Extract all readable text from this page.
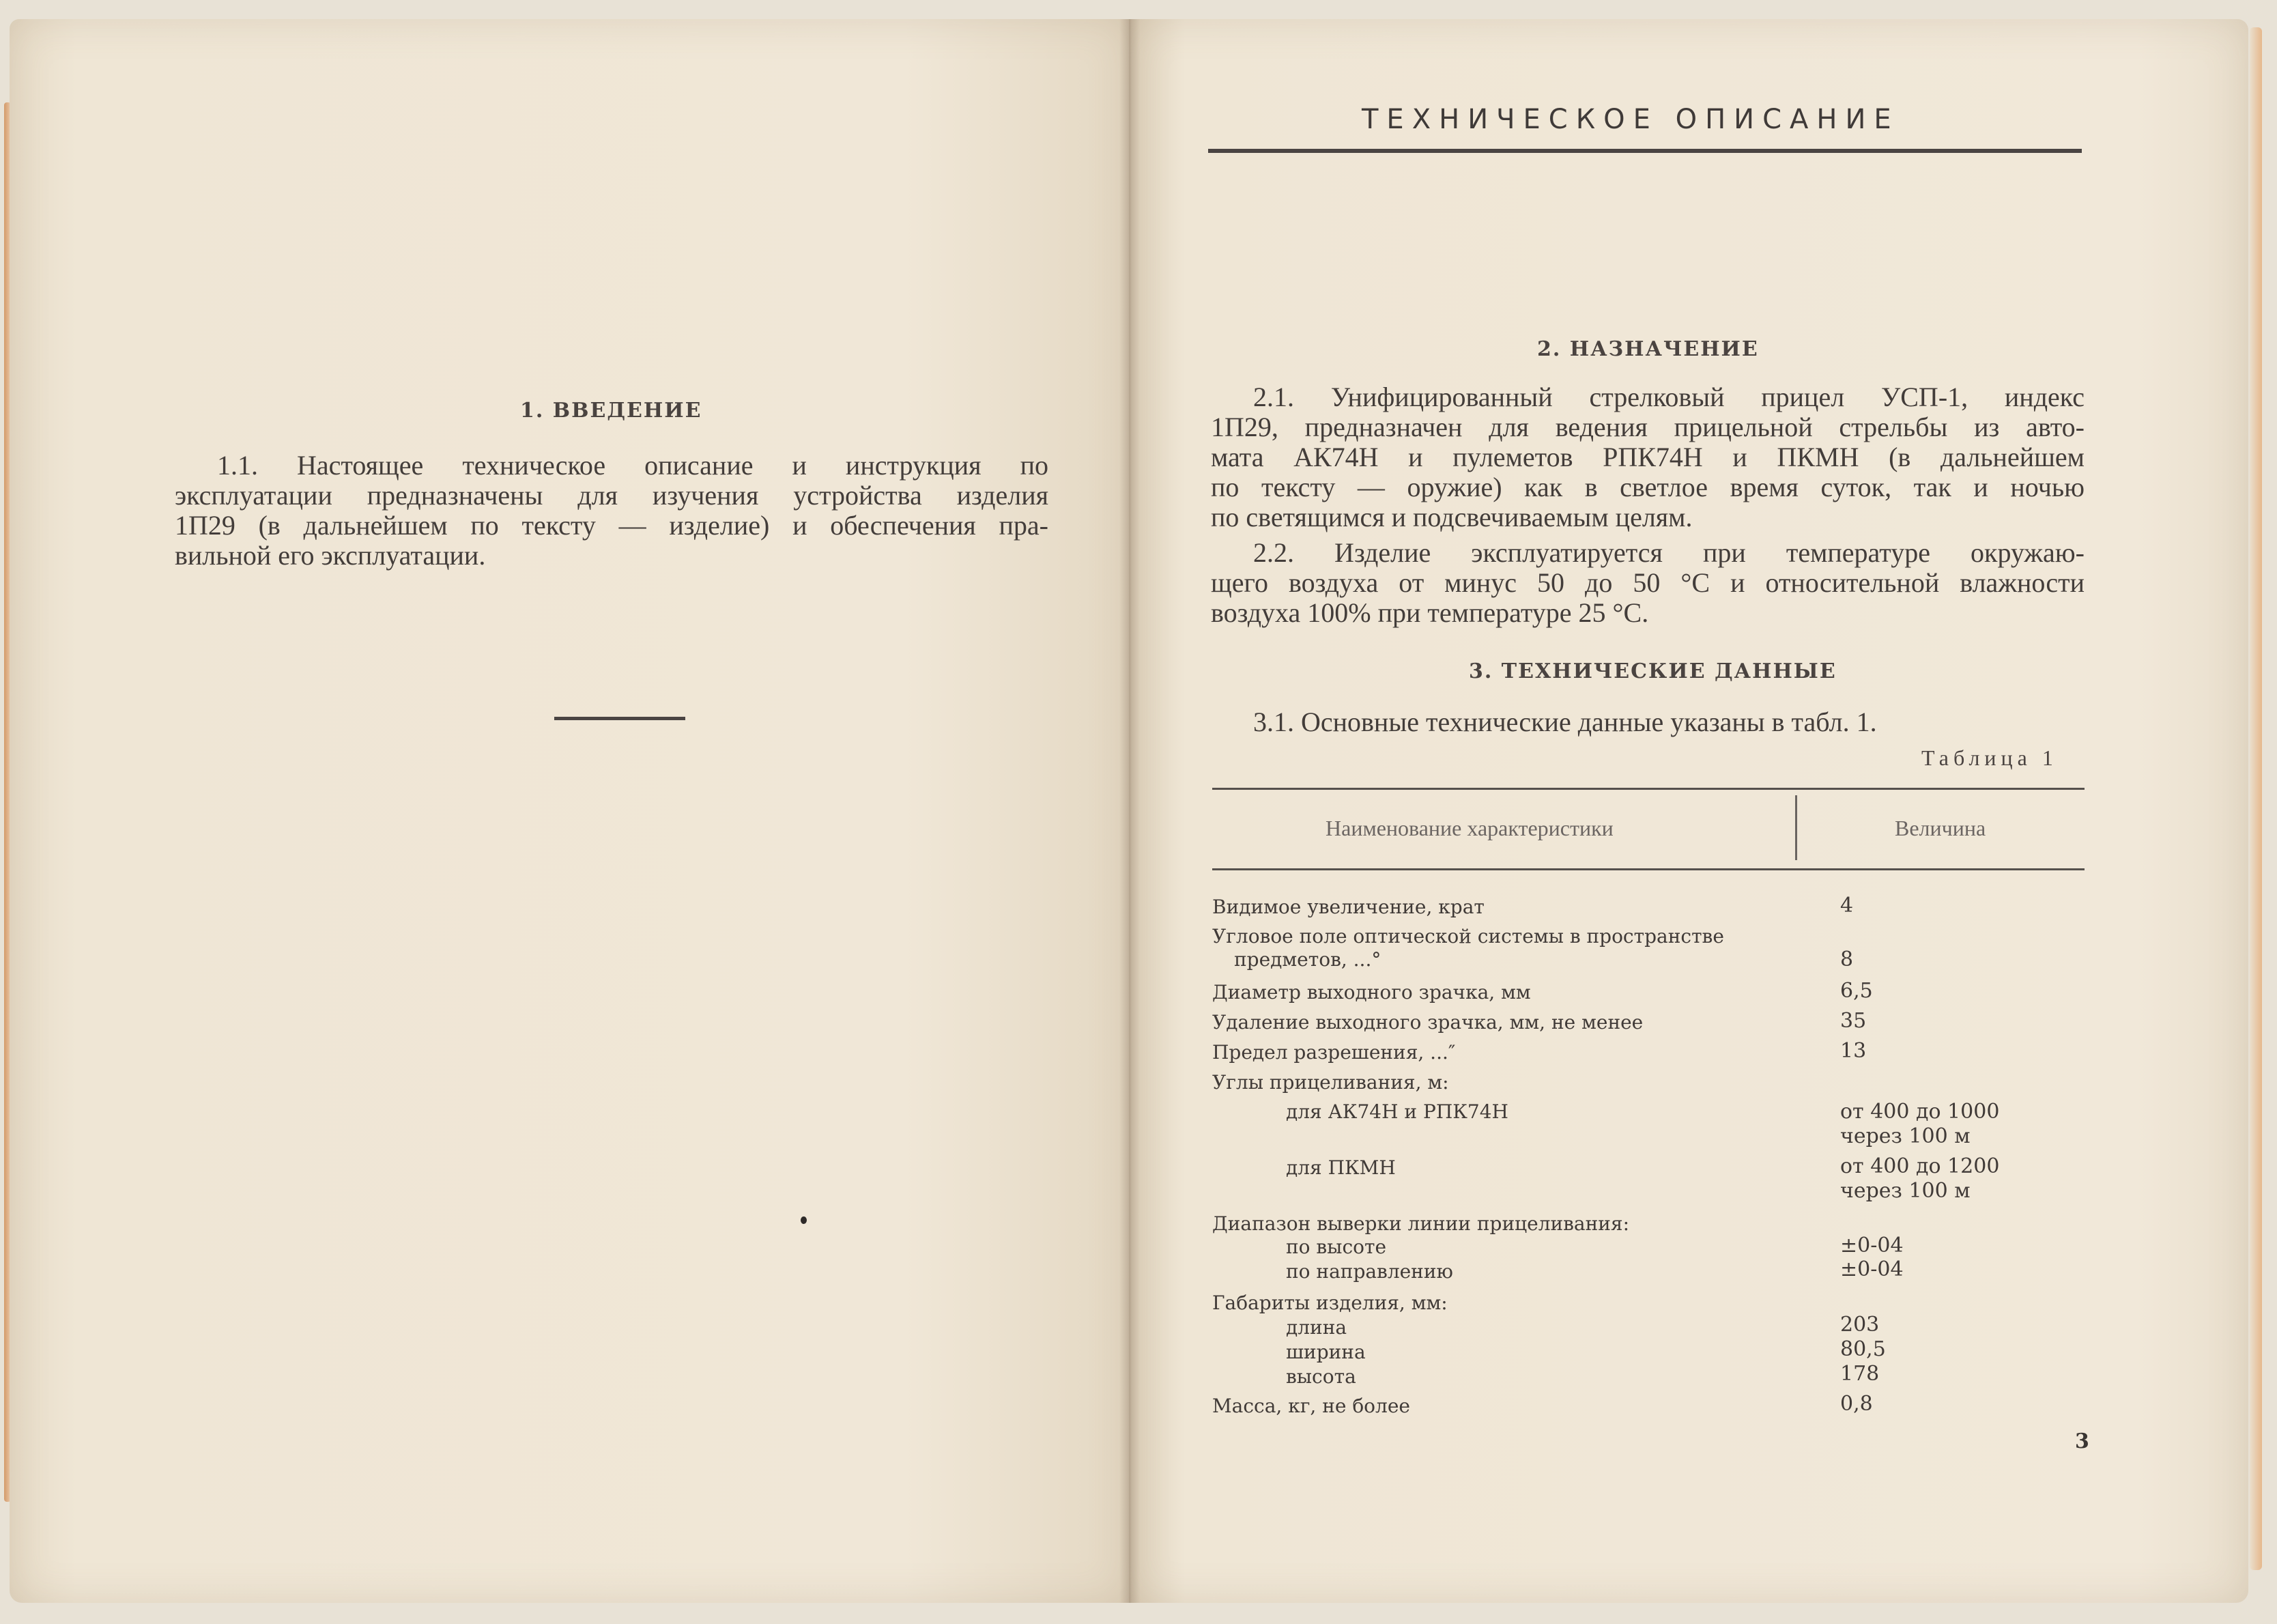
1. ВВЕДЕНИЕ
1.1. Настоящее техническое описание и инструкция по
эксплуатации предназначены для изучения устройства изделия
1П29 (в дальнейшем по тексту — изделие) и обеспечения пра-
вильной его эксплуатации.
ТЕХНИЧЕСКОЕ ОПИСАНИЕ
2. НАЗНАЧЕНИЕ
2.1. Унифицированный стрелковый прицел УСП-1, индекс
1П29, предназначен для ведения прицельной стрельбы из авто-
мата АК74Н и пулеметов РПК74Н и ПКМН (в дальнейшем
по тексту — оружие) как в светлое время суток, так и ночью
по светящимся и подсвечиваемым целям.
2.2. Изделие эксплуатируется при температуре окружаю-
щего воздуха от минус 50 до 50 °С и относительной влажности
воздуха 100% при температуре 25 °С.
3. ТЕХНИЧЕСКИЕ ДАННЫЕ
3.1. Основные технические данные указаны в табл. 1.
Таблица 1
Наименование характеристики	Величина
Видимое увеличение, крат	4
Угловое поле оптической системы в пространстве
предметов, ...°	8
Диаметр выходного зрачка, мм	6,5
Удаление выходного зрачка, мм, не менее	35
Предел разрешения, ...″	13
Углы прицеливания, м:
для АК74Н и РПК74Н	от 400 до 1000
через 100 м
для ПКМН	от 400 до 1200
через 100 м
Диапазон выверки линии прицеливания:
по высоте	±0-04
по направлению	±0-04
Габариты изделия, мм:
длина	203
ширина	80,5
высота	178
Масса, кг, не более	0,8
3
